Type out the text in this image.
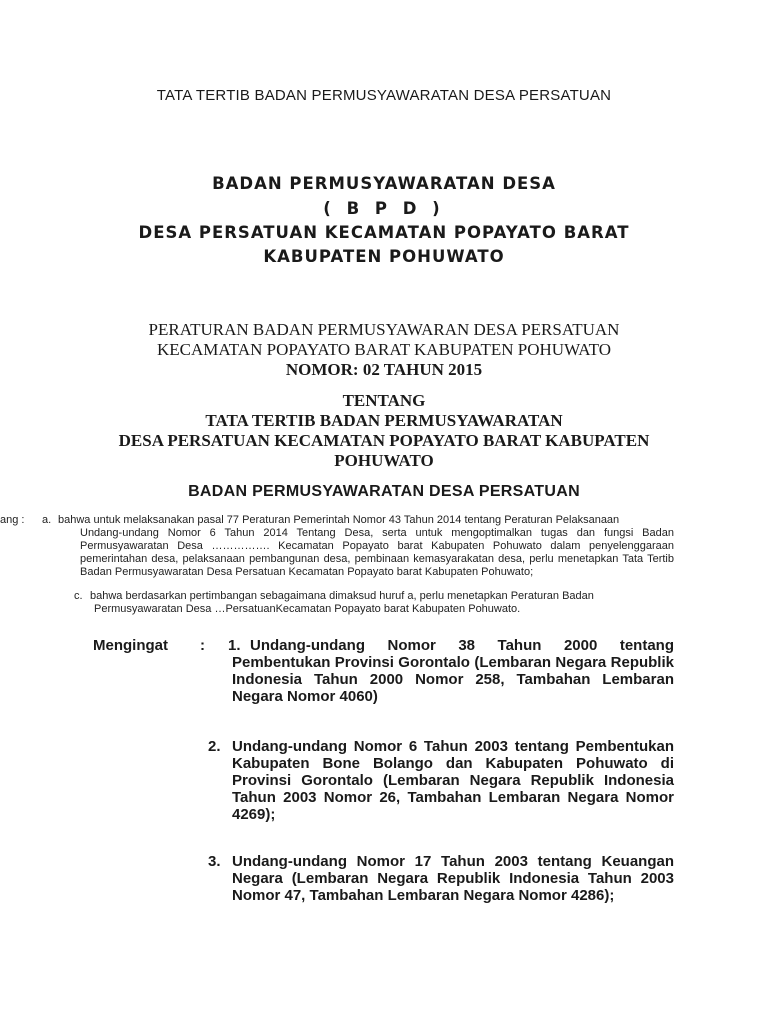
TATA TERTIB BADAN PERMUSYAWARATAN DESA PERSATUAN
BADAN PERMUSYAWARATAN DESA
( B P D )
DESA PERSATUAN KECAMATAN POPAYATO BARAT
KABUPATEN POHUWATO
PERATURAN BADAN PERMUSYAWARAN DESA PERSATUAN
KECAMATAN POPAYATO BARAT KABUPATEN POHUWATO
NOMOR: 02 TAHUN 2015
TENTANG
TATA TERTIB BADAN PERMUSYAWARATAN
DESA PERSATUAN KECAMATAN POPAYATO BARAT KABUPATEN
POHUWATO
BADAN PERMUSYAWARATAN DESA PERSATUAN
ang :	a. bahwa untuk melaksanakan pasal 77 Peraturan Pemerintah Nomor 43 Tahun 2014 tentang Peraturan Pelaksanaan
Undang-undang Nomor 6 Tahun 2014 Tentang Desa, serta untuk mengoptimalkan tugas dan fungsi Badan Permusyawaratan Desa ……………. Kecamatan Popayato barat Kabupaten Pohuwato dalam penyelenggaraan pemerintahan desa, pelaksanaan pembangunan desa, pembinaan kemasyarakatan desa, perlu menetapkan Tata Tertib Badan Permusyawaratan Desa Persatuan Kecamatan Popayato barat Kabupaten Pohuwato;
c. bahwa berdasarkan pertimbangan sebagaimana dimaksud huruf a, perlu menetapkan Peraturan Badan
Permusyawaratan Desa …PersatuanKecamatan Popayato barat Kabupaten Pohuwato.
Mengingat : 1. Undang-undang Nomor 38 Tahun 2000 tentang
Pembentukan Provinsi Gorontalo (Lembaran Negara Republik Indonesia Tahun 2000 Nomor 258, Tambahan Lembaran Negara Nomor 4060)
2. Undang-undang Nomor 6 Tahun 2003 tentang Pembentukan Kabupaten Bone Bolango dan Kabupaten Pohuwato di Provinsi Gorontalo (Lembaran Negara Republik Indonesia Tahun 2003 Nomor 26, Tambahan Lembaran Negara Nomor 4269);
3. Undang-undang Nomor 17 Tahun 2003 tentang Keuangan Negara (Lembaran Negara Republik Indonesia Tahun 2003 Nomor 47, Tambahan Lembaran Negara Nomor 4286);
